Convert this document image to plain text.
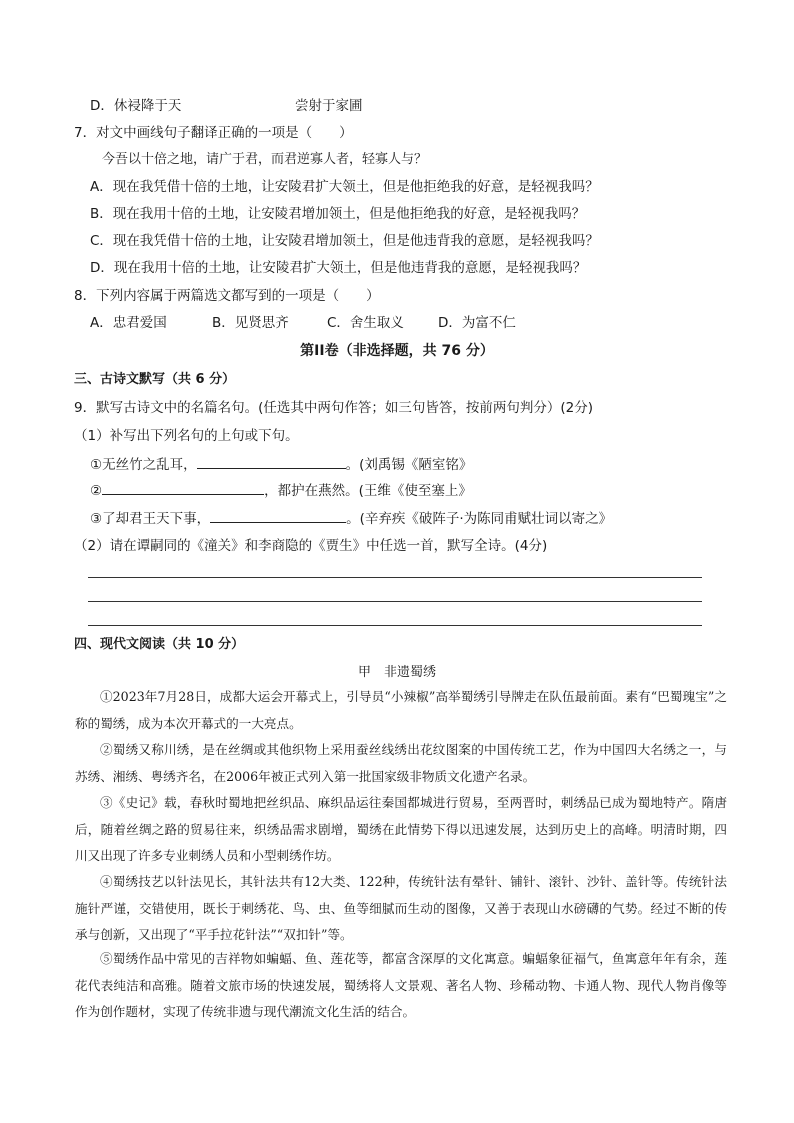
D．休祲降于天	尝射于家圃
7．对文中画线句子翻译正确的一项是（　　）
今吾以十倍之地，请广于君，而君逆寡人者，轻寡人与？
A．现在我凭借十倍的土地，让安陵君扩大领土，但是他拒绝我的好意，是轻视我吗？
B．现在我用十倍的土地，让安陵君增加领土，但是他拒绝我的好意，是轻视我吗？
C．现在我凭借十倍的土地，让安陵君增加领土，但是他违背我的意愿，是轻视我吗？
D．现在我用十倍的土地，让安陵君扩大领土，但是他违背我的意愿，是轻视我吗？
8．下列内容属于两篇选文都写到的一项是（　　）
A．忠君爱国	B．见贤思齐	C．舍生取义	D．为富不仁
第II卷（非选择题，共 76 分）
三、古诗文默写（共 6 分）
9．默写古诗文中的名篇名句。(任选其中两句作答；如三句皆答，按前两句判分）(2分)
（1）补写出下列名句的上句或下句。
①无丝竹之乱耳，	。(刘禹锡《陋室铭》
②	，都护在燕然。(王维《使至塞上》
③了却君王天下事，	。(辛弃疾《破阵子·为陈同甫赋壮词以寄之》
（2）请在谭嗣同的《潼关》和李商隐的《贾生》中任选一首，默写全诗。(4分)
四、现代文阅读（共 10 分）
甲　非遗蜀绣
①2023年7月28日，成都大运会开幕式上，引导员“小辣椒”高举蜀绣引导牌走在队伍最前面。素有“巴蜀瑰宝”之称的蜀绣，成为本次开幕式的一大亮点。
②蜀绣又称川绣，是在丝绸或其他织物上采用蚕丝线绣出花纹图案的中国传统工艺，作为中国四大名绣之一，与苏绣、湘绣、粤绣齐名，在2006年被正式列入第一批国家级非物质文化遗产名录。
③《史记》载，春秋时蜀地把丝织品、麻织品运往秦国都城进行贸易，至两晋时，刺绣品已成为蜀地特产。隋唐后，随着丝绸之路的贸易往来，织绣品需求剧增，蜀绣在此情势下得以迅速发展，达到历史上的高峰。明清时期，四川又出现了许多专业刺绣人员和小型刺绣作坊。
④蜀绣技艺以针法见长，其针法共有12大类、122种，传统针法有晕针、铺针、滚针、沙针、盖针等。传统针法施针严谨，交错使用，既长于刺绣花、鸟、虫、鱼等细腻而生动的图像，又善于表现山水磅礴的气势。经过不断的传承与创新，又出现了“平手拉花针法”“双扣针”等。
⑤蜀绣作品中常见的吉祥物如蝙蝠、鱼、莲花等，都富含深厚的文化寓意。蝙蝠象征福气，鱼寓意年年有余，莲花代表纯洁和高雅。随着文旅市场的快速发展，蜀绣将人文景观、著名人物、珍稀动物、卡通人物、现代人物肖像等作为创作题材，实现了传统非遗与现代潮流文化生活的结合。
